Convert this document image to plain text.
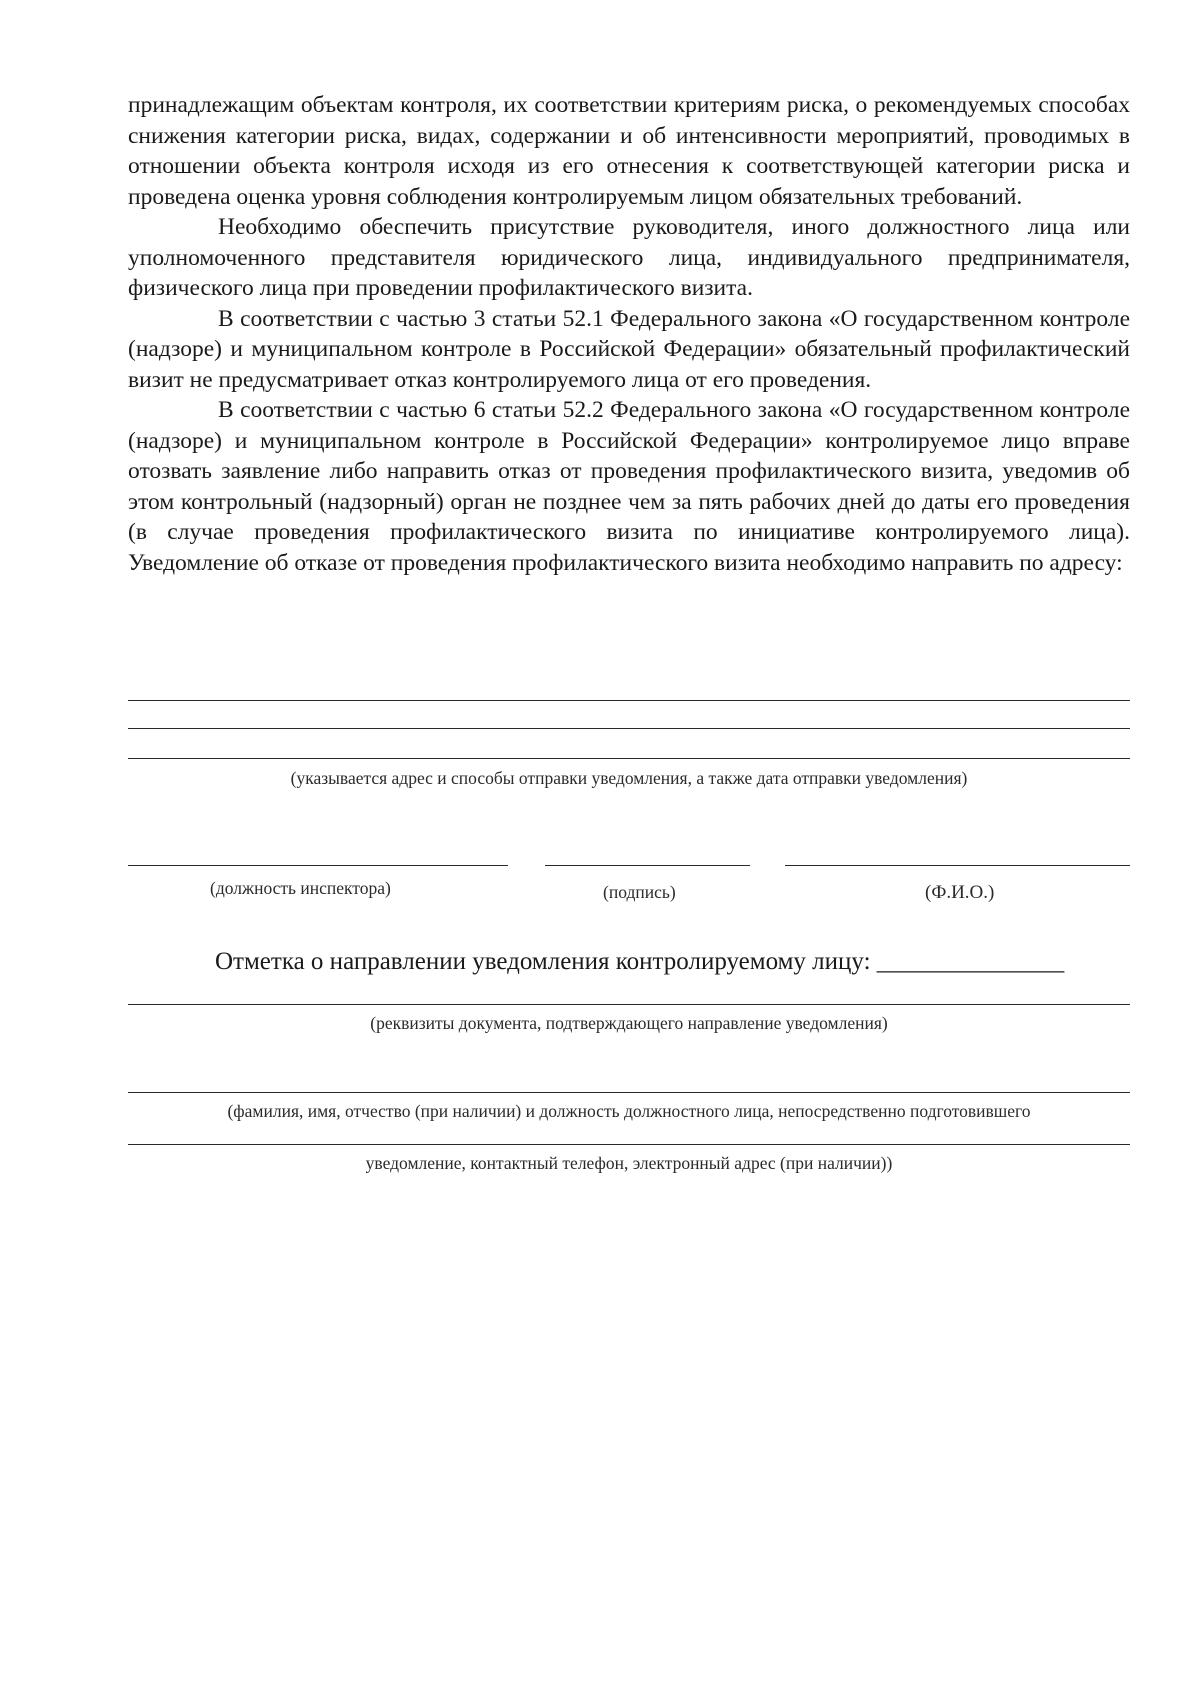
принадлежащим объектам контроля, их соответствии критериям риска, о рекомендуемых способах снижения категории риска, видах, содержании и об интенсивности мероприятий, проводимых в отношении объекта контроля исходя из его отнесения к соответствующей категории риска и проведена оценка уровня соблюдения контролируемым лицом обязательных требований.

Необходимо обеспечить присутствие руководителя, иного должностного лица или уполномоченного представителя юридического лица, индивидуального предпринимателя, физического лица при проведении профилактического визита.

В соответствии с частью 3 статьи 52.1 Федерального закона «О государственном контроле (надзоре) и муниципальном контроле в Российской Федерации» обязательный профилактический визит не предусматривает отказ контролируемого лица от его проведения.

В соответствии с частью 6 статьи 52.2 Федерального закона «О государственном контроле (надзоре) и муниципальном контроле в Российской Федерации» контролируемое лицо вправе отозвать заявление либо направить отказ от проведения профилактического визита, уведомив об этом контрольный (надзорный) орган не позднее чем за пять рабочих дней до даты его проведения (в случае проведения профилактического визита по инициативе контролируемого лица). Уведомление об отказе от проведения профилактического визита необходимо направить по адресу:

(указывается адрес и способы отправки уведомления, а также дата отправки уведомления)
(должность инспектора)	(подпись)	(Ф.И.О.)
Отметка о направлении уведомления контролируемому лицу: _______________
(реквизиты документа, подтверждающего направление уведомления)
(фамилия, имя, отчество (при наличии) и должность должностного лица, непосредственно подготовившего
уведомление, контактный телефон, электронный адрес (при наличии))
